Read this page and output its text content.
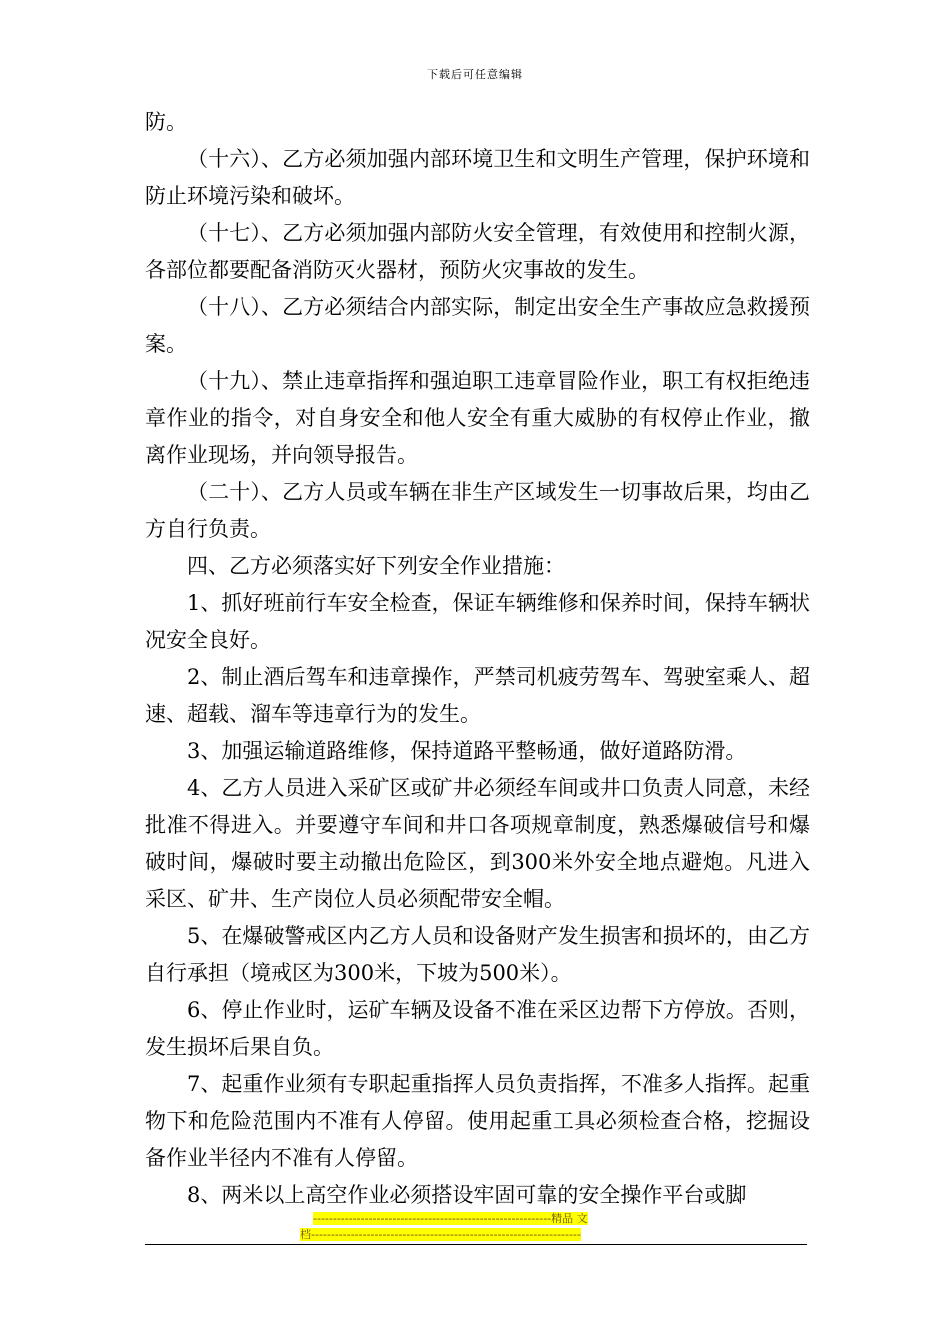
下载后可任意编辑

防。

（十六）、乙方必须加强内部环境卫生和文明生产管理，保护环境和防止环境污染和破坏。

（十七）、乙方必须加强内部防火安全管理，有效使用和控制火源，各部位都要配备消防灭火器材，预防火灾事故的发生。

（十八）、乙方必须结合内部实际，制定出安全生产事故应急救援预案。

（十九）、禁止违章指挥和强迫职工违章冒险作业，职工有权拒绝违章作业的指令，对自身安全和他人安全有重大威胁的有权停止作业，撤离作业现场，并向领导报告。

（二十）、乙方人员或车辆在非生产区域发生一切事故后果，均由乙方自行负责。

四、乙方必须落实好下列安全作业措施：

1、抓好班前行车安全检查，保证车辆维修和保养时间，保持车辆状况安全良好。

2、制止酒后驾车和违章操作，严禁司机疲劳驾车、驾驶室乘人、超速、超载、溜车等违章行为的发生。

3、加强运输道路维修，保持道路平整畅通，做好道路防滑。

4、乙方人员进入采矿区或矿井必须经车间或井口负责人同意，未经批准不得进入。并要遵守车间和井口各项规章制度，熟悉爆破信号和爆破时间，爆破时要主动撤出危险区，到300米外安全地点避炮。凡进入采区、矿井、生产岗位人员必须配带安全帽。

5、在爆破警戒区内乙方人员和设备财产发生损害和损坏的，由乙方自行承担（境戒区为300米，下坡为500米）。

6、停止作业时，运矿车辆及设备不准在采区边帮下方停放。否则，发生损坏后果自负。

7、起重作业须有专职起重指挥人员负责指挥，不准多人指挥。起重物下和危险范围内不准有人停留。使用起重工具必须检查合格，挖掘设备作业半径内不准有人停留。

8、两米以上高空作业必须搭设牢固可靠的安全操作平台或脚

------------------------------------------------------------精品 文
档--------------------------------------------------------------------
